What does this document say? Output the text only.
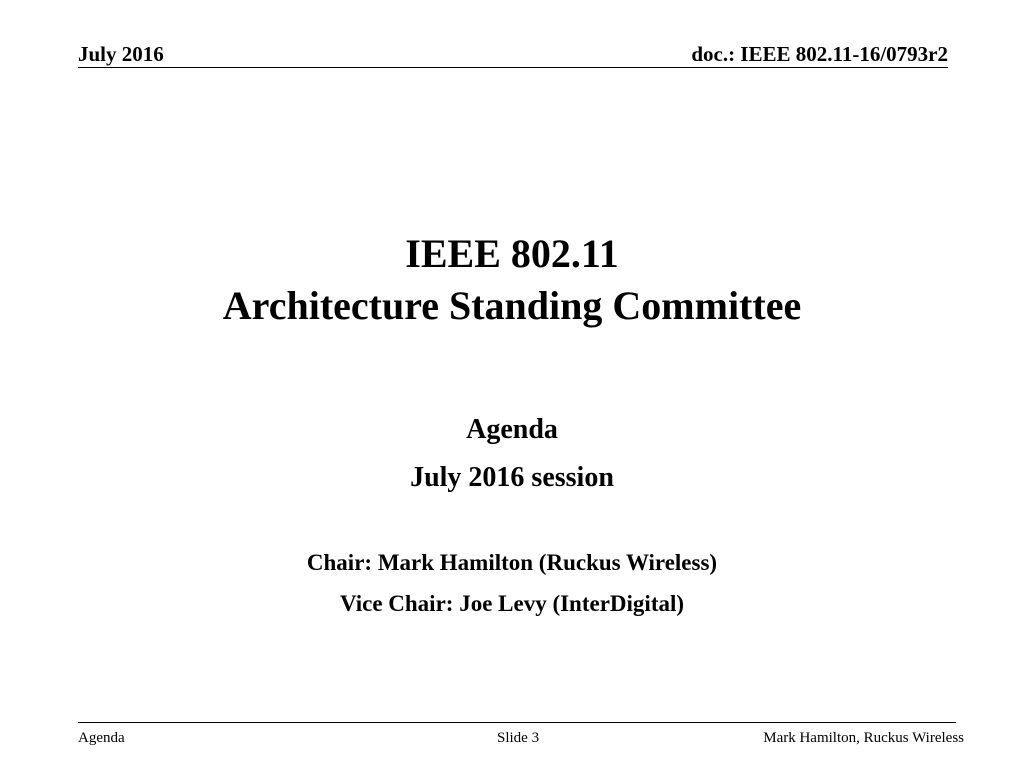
July 2016	doc.: IEEE 802.11-16/0793r2
IEEE 802.11
Architecture Standing Committee
Agenda
July 2016 session
Chair: Mark Hamilton (Ruckus Wireless)
Vice Chair: Joe Levy (InterDigital)
Agenda	Slide 3	Mark Hamilton, Ruckus Wireless
